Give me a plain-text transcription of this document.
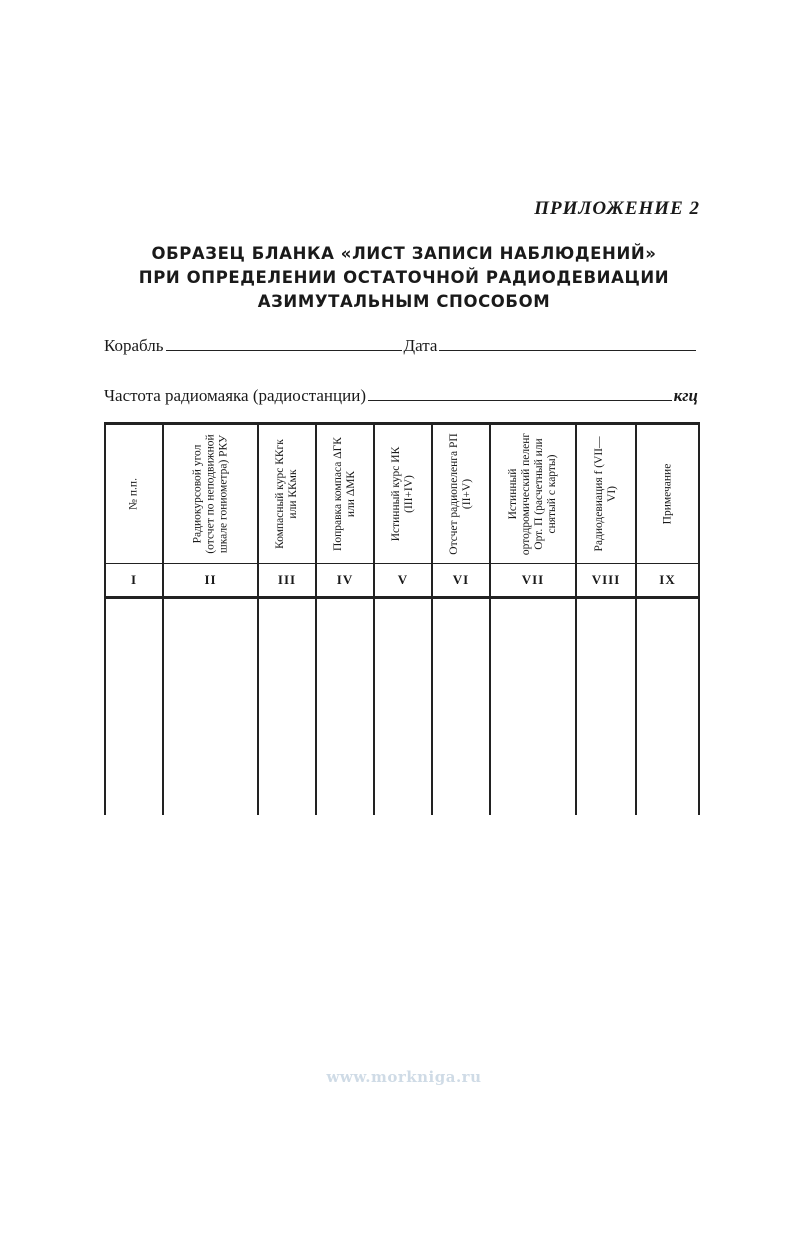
ПРИЛОЖЕНИЕ 2
ОБРАЗЕЦ БЛАНКА «ЛИСТ ЗАПИСИ НАБЛЮДЕНИЙ»
ПРИ ОПРЕДЕЛЕНИИ ОСТАТОЧНОЙ РАДИОДЕВИАЦИИ
АЗИМУТАЛЬНЫМ СПОСОБОМ
Корабль	Дата
Частота радиомаяка (радиостанции)	кгц
№ п.п.	Радиокурсовой угол (отсчет по неподвижной шкале гониометра) РКУ	Компасный курс ККгк или ККмк	Поправка компаса ΔГК или ΔМК	Истинный курс ИК (III+IV)	Отсчет радиопеленга РП (II+V)	Истинный ортодромический пеленг Орт. П (расчетный или снятый с карты)	Радиодевиация f (VII—VI)	Примечание

I	II	III	IV	V	VI	VII	VIII	IX

www.morkniga.ru
